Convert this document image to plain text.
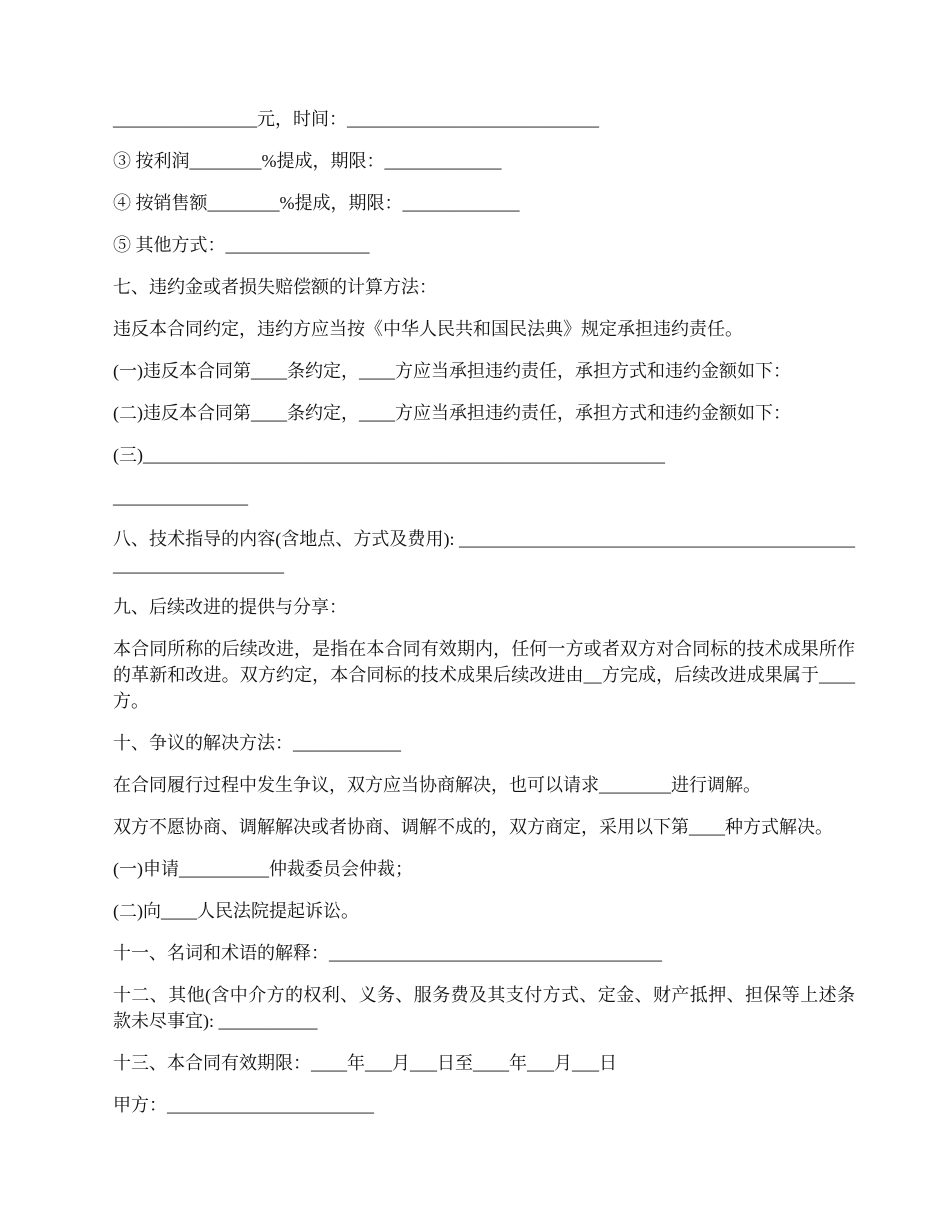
________________元，时间：____________________________

③ 按利润________%提成，期限：_____________

④ 按销售额________%提成，期限：_____________

⑤ 其他方式：________________

七、违约金或者损失赔偿额的计算方法：

违反本合同约定，违约方应当按《中华人民共和国民法典》规定承担违约责任。

(一)违反本合同第____条约定，____方应当承担违约责任，承担方式和违约金额如下：

(二)违反本合同第____条约定，____方应当承担违约责任，承担方式和违约金额如下：

(三)__________________________________________________________

_______________

八、技术指导的内容(含地点、方式及费用): _______________________________________________________________

九、后续改进的提供与分享：

本合同所称的后续改进，是指在本合同有效期内，任何一方或者双方对合同标的技术成果所作的革新和改进。双方约定，本合同标的技术成果后续改进由__方完成，后续改进成果属于____方。

十、争议的解决方法：____________

在合同履行过程中发生争议，双方应当协商解决，也可以请求________进行调解。

双方不愿协商、调解解决或者协商、调解不成的，双方商定，采用以下第____种方式解决。

(一)申请__________仲裁委员会仲裁；

(二)向____人民法院提起诉讼。

十一、名词和术语的解释：_____________________________________

十二、其他(含中介方的权利、义务、服务费及其支付方式、定金、财产抵押、担保等上述条款未尽事宜): ___________

十三、本合同有效期限：____年___月___日至____年___月___日

甲方：_______________________
